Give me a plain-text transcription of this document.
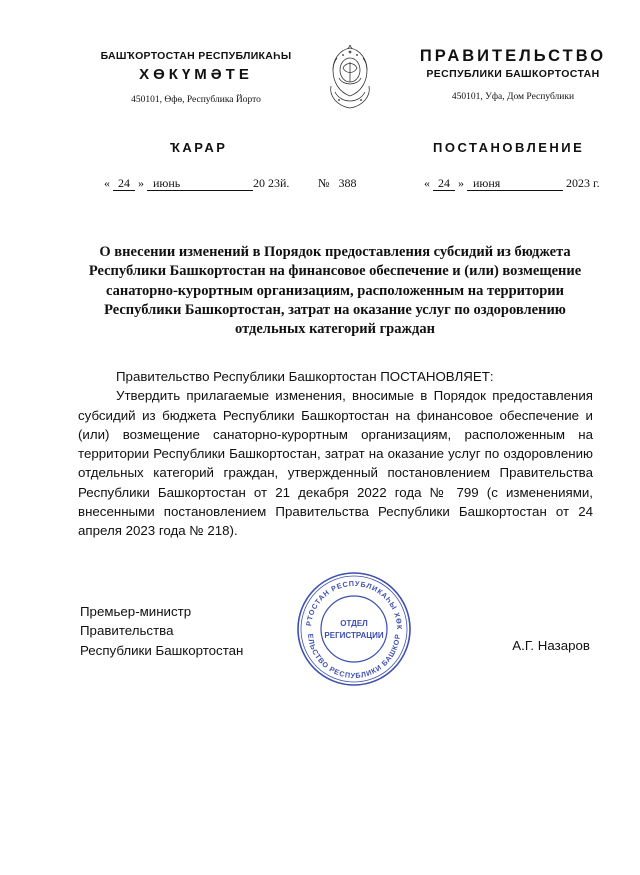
БАШҠОРТОСТАН РЕСПУБЛИКАҺЫ
ХӨКҮМӘТЕ
450101, Өфө, Республика Йорто
ПРАВИТЕЛЬСТВО
РЕСПУБЛИКИ БАШКОРТОСТАН
450101, Уфа, Дом Республики
ҠАРАР	ПОСТАНОВЛЕНИЕ
« 24 » июнь	20 23й. № 388	« 24 » июня	2023 г.
О внесении изменений в Порядок предоставления субсидий из бюджета Республики Башкортостан на финансовое обеспечение и (или) возмещение санаторно-курортным организациям, расположенным на территории Республики Башкортостан, затрат на оказание услуг по оздоровлению отдельных категорий граждан

Правительство Республики Башкортостан ПОСТАНОВЛЯЕТ:

Утвердить прилагаемые изменения, вносимые в Порядок предоставления субсидий из бюджета Республики Башкортостан на финансовое обеспечение и (или) возмещение санаторно-курортным организациям, расположенным на территории Республики Башкортостан, затрат на оказание услуг по оздоровлению отдельных категорий граждан, утвержденный постановлением Правительства Республики Башкортостан от 21 декабря 2022 года № 799 (с изменениями, внесенными постановлением Правительства Республики Башкортостан от 24 апреля 2023 года № 218).

Премьер-министр
Правительства
Республики Башкортостан	А.Г. Назаров
РТОСТАН РЕСПУБЛИКАҺЫ ХӨК
ЕЛЬСТВО РЕСПУБЛИКИ БАШКОР
ОТДЕЛ
РЕГИСТРАЦИИ
